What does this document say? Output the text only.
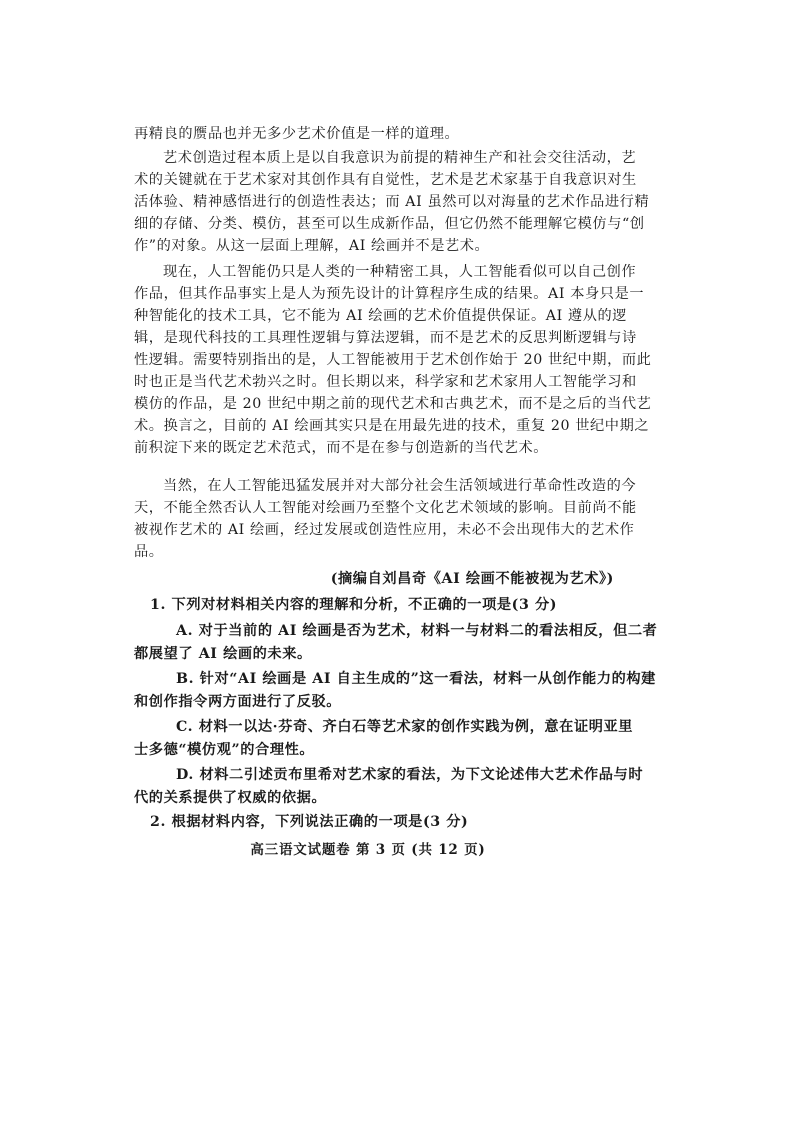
再精良的赝品也并无多少艺术价值是一样的道理。
艺术创造过程本质上是以自我意识为前提的精神生产和社会交往活动，艺
术的关键就在于艺术家对其创作具有自觉性，艺术是艺术家基于自我意识对生
活体验、精神感悟进行的创造性表达；而 AI 虽然可以对海量的艺术作品进行精
细的存储、分类、模仿，甚至可以生成新作品，但它仍然不能理解它模仿与“创
作”的对象。从这一层面上理解，AI 绘画并不是艺术。
现在，人工智能仍只是人类的一种精密工具，人工智能看似可以自己创作
作品，但其作品事实上是人为预先设计的计算程序生成的结果。AI 本身只是一
种智能化的技术工具，它不能为 AI 绘画的艺术价值提供保证。AI 遵从的逻
辑，是现代科技的工具理性逻辑与算法逻辑，而不是艺术的反思判断逻辑与诗
性逻辑。需要特别指出的是，人工智能被用于艺术创作始于 20 世纪中期，而此
时也正是当代艺术勃兴之时。但长期以来，科学家和艺术家用人工智能学习和
模仿的作品，是 20 世纪中期之前的现代艺术和古典艺术，而不是之后的当代艺
术。换言之，目前的 AI 绘画其实只是在用最先进的技术，重复 20 世纪中期之
前积淀下来的既定艺术范式，而不是在参与创造新的当代艺术。
当然，在人工智能迅猛发展并对大部分社会生活领域进行革命性改造的今
天，不能全然否认人工智能对绘画乃至整个文化艺术领域的影响。目前尚不能
被视作艺术的 AI 绘画，经过发展或创造性应用，未必不会出现伟大的艺术作
品。
(摘编自刘昌奇《AI 绘画不能被视为艺术》)
1. 下列对材料相关内容的理解和分析，不正确的一项是(3 分)
A. 对于当前的 AI 绘画是否为艺术，材料一与材料二的看法相反，但二者
都展望了 AI 绘画的未来。
B. 针对“AI 绘画是 AI 自主生成的”这一看法，材料一从创作能力的构建
和创作指令两方面进行了反驳。
C. 材料一以达·芬奇、齐白石等艺术家的创作实践为例，意在证明亚里
士多德“模仿观”的合理性。
D. 材料二引述贡布里希对艺术家的看法，为下文论述伟大艺术作品与时
代的关系提供了权威的依据。
2. 根据材料内容，下列说法正确的一项是(3 分)
高三语文试题卷 第 3 页 (共 12 页)
